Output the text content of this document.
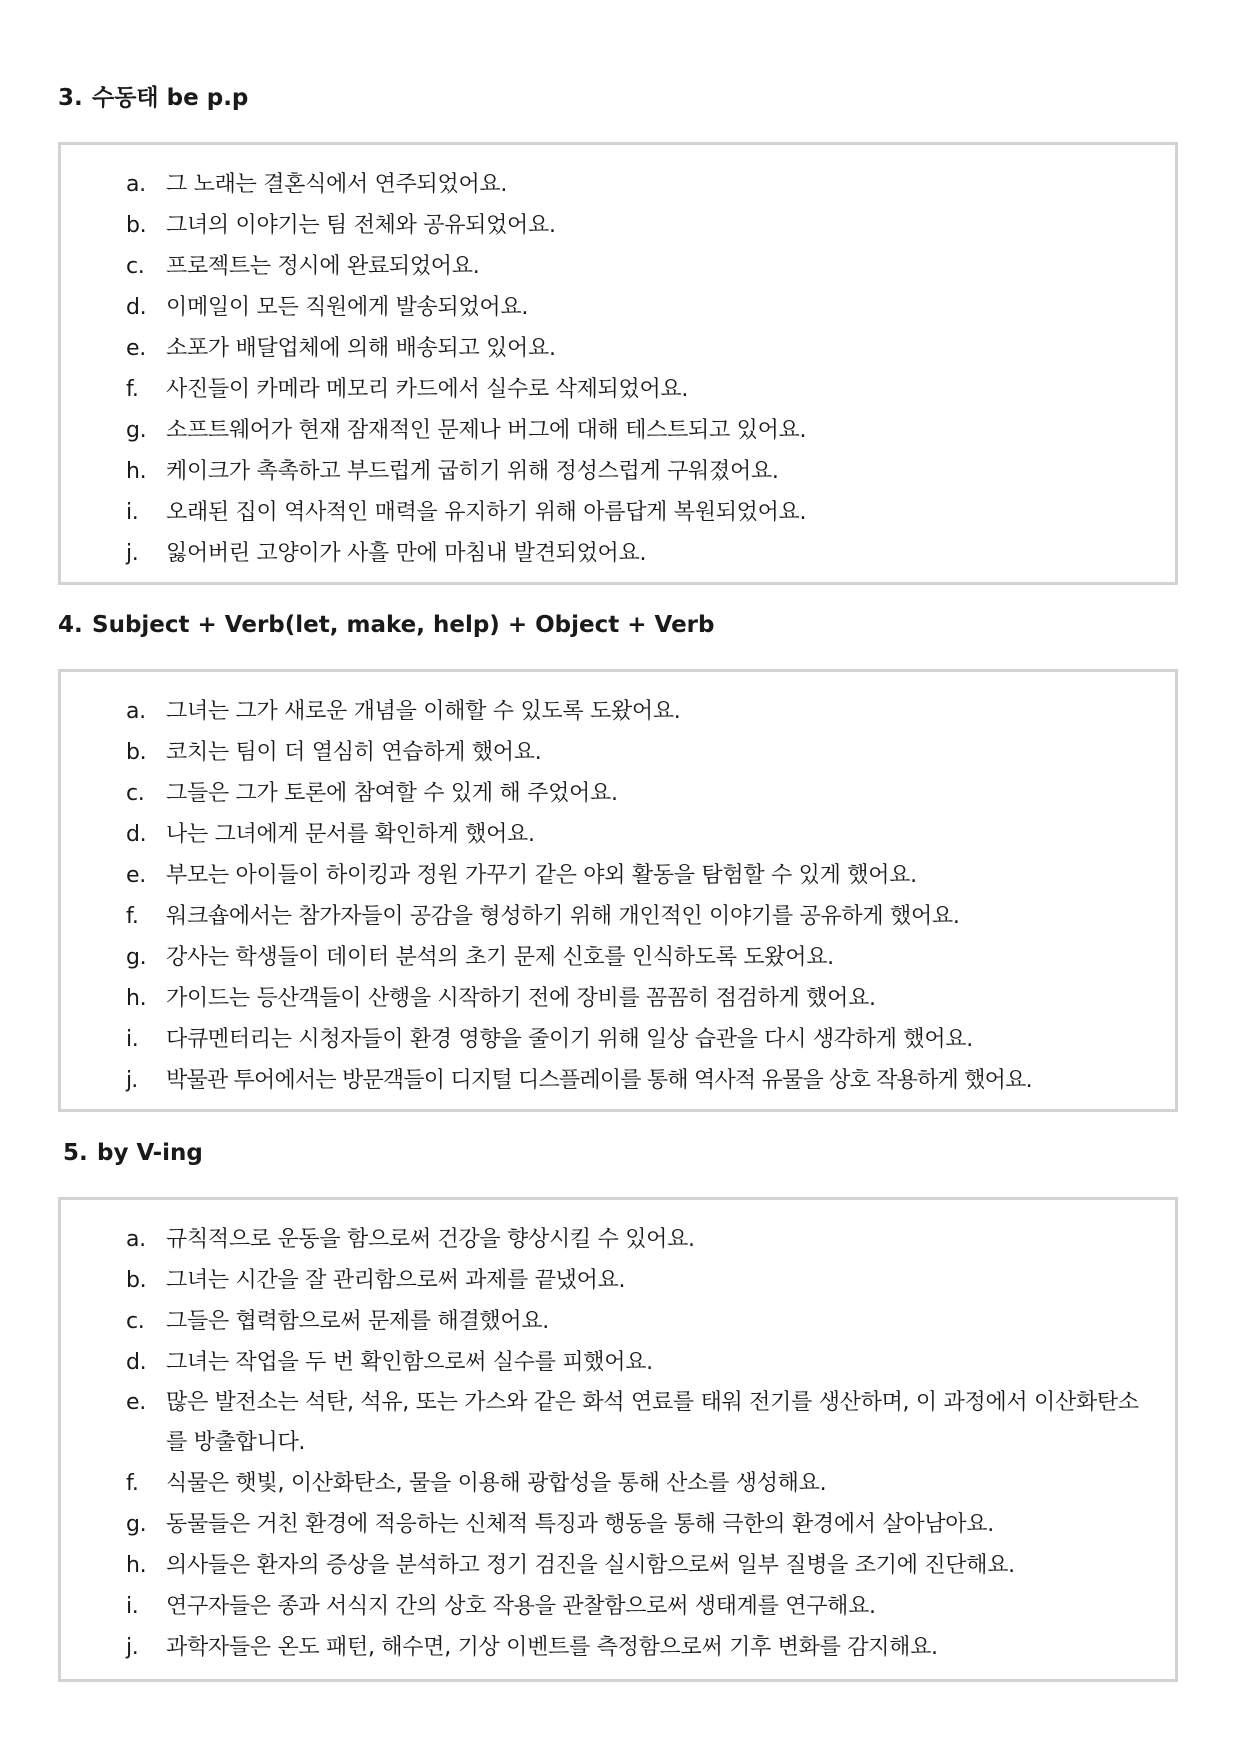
3. 수동태 be p.p
a. 그 노래는 결혼식에서 연주되었어요.
b. 그녀의 이야기는 팀 전체와 공유되었어요.
c. 프로젝트는 정시에 완료되었어요.
d. 이메일이 모든 직원에게 발송되었어요.
e. 소포가 배달업체에 의해 배송되고 있어요.
f. 사진들이 카메라 메모리 카드에서 실수로 삭제되었어요.
g. 소프트웨어가 현재 잠재적인 문제나 버그에 대해 테스트되고 있어요.
h. 케이크가 촉촉하고 부드럽게 굽히기 위해 정성스럽게 구워졌어요.
i. 오래된 집이 역사적인 매력을 유지하기 위해 아름답게 복원되었어요.
j. 잃어버린 고양이가 사흘 만에 마침내 발견되었어요.
4. Subject + Verb(let, make, help) + Object + Verb
a. 그녀는 그가 새로운 개념을 이해할 수 있도록 도왔어요.
b. 코치는 팀이 더 열심히 연습하게 했어요.
c. 그들은 그가 토론에 참여할 수 있게 해 주었어요.
d. 나는 그녀에게 문서를 확인하게 했어요.
e. 부모는 아이들이 하이킹과 정원 가꾸기 같은 야외 활동을 탐험할 수 있게 했어요.
f. 워크숍에서는 참가자들이 공감을 형성하기 위해 개인적인 이야기를 공유하게 했어요.
g. 강사는 학생들이 데이터 분석의 초기 문제 신호를 인식하도록 도왔어요.
h. 가이드는 등산객들이 산행을 시작하기 전에 장비를 꼼꼼히 점검하게 했어요.
i. 다큐멘터리는 시청자들이 환경 영향을 줄이기 위해 일상 습관을 다시 생각하게 했어요.
j. 박물관 투어에서는 방문객들이 디지털 디스플레이를 통해 역사적 유물을 상호 작용하게 했어요.
5. by V-ing
a. 규칙적으로 운동을 함으로써 건강을 향상시킬 수 있어요.
b. 그녀는 시간을 잘 관리함으로써 과제를 끝냈어요.
c. 그들은 협력함으로써 문제를 해결했어요.
d. 그녀는 작업을 두 번 확인함으로써 실수를 피했어요.
e. 많은 발전소는 석탄, 석유, 또는 가스와 같은 화석 연료를 태워 전기를 생산하며, 이 과정에서 이산화탄소를 방출합니다.
f. 식물은 햇빛, 이산화탄소, 물을 이용해 광합성을 통해 산소를 생성해요.
g. 동물들은 거친 환경에 적응하는 신체적 특징과 행동을 통해 극한의 환경에서 살아남아요.
h. 의사들은 환자의 증상을 분석하고 정기 검진을 실시함으로써 일부 질병을 조기에 진단해요.
i. 연구자들은 종과 서식지 간의 상호 작용을 관찰함으로써 생태계를 연구해요.
j. 과학자들은 온도 패턴, 해수면, 기상 이벤트를 측정함으로써 기후 변화를 감지해요.
